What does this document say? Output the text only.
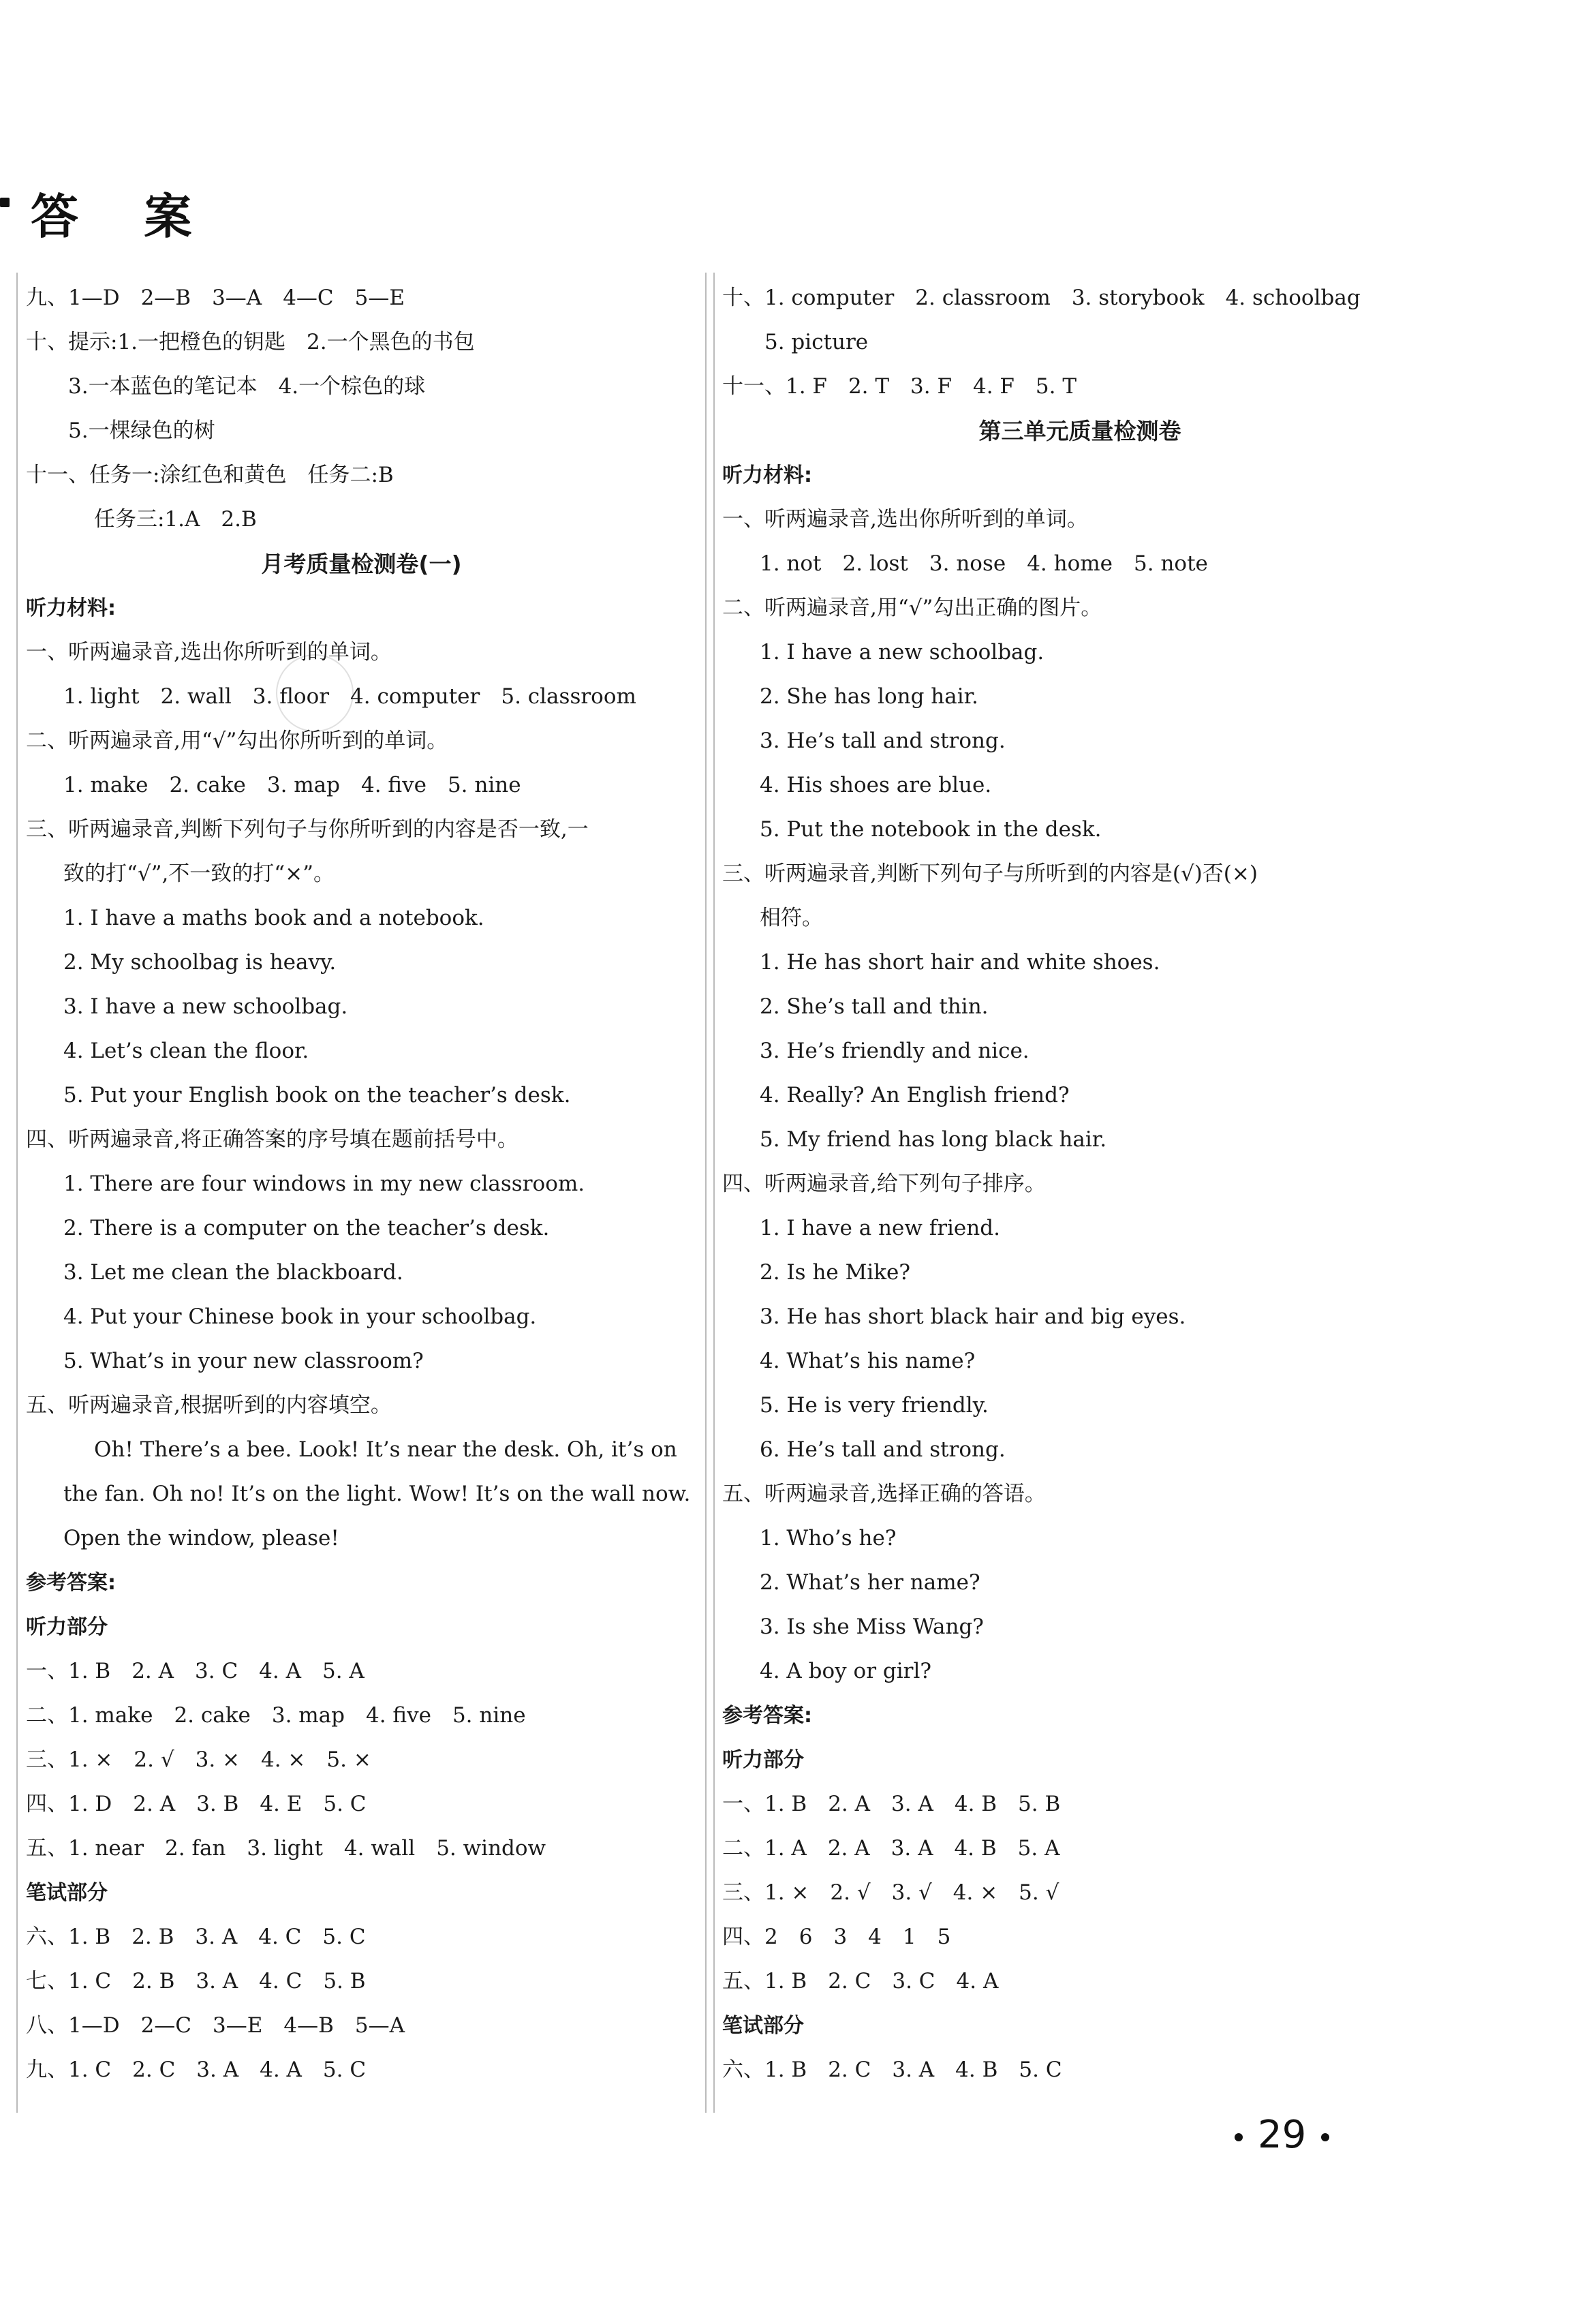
答 案
九、1—D　2—B　3—A　4—C　5—E
十、提示:1.一把橙色的钥匙　2.一个黑色的书包
3.一本蓝色的笔记本　4.一个棕色的球
5.一棵绿色的树
十一、任务一:涂红色和黄色　任务二:B
任务三:1.A　2.B
月考质量检测卷(一)
听力材料:
一、听两遍录音,选出你所听到的单词。
1. light　2. wall　3. floor　4. computer　5. classroom
二、听两遍录音,用“√”勾出你所听到的单词。
1. make　2. cake　3. map　4. five　5. nine
三、听两遍录音,判断下列句子与你所听到的内容是否一致,一
致的打“√”,不一致的打“×”。
1. I have a maths book and a notebook.
2. My schoolbag is heavy.
3. I have a new schoolbag.
4. Let’s clean the floor.
5. Put your English book on the teacher’s desk.
四、听两遍录音,将正确答案的序号填在题前括号中。
1. There are four windows in my new classroom.
2. There is a computer on the teacher’s desk.
3. Let me clean the blackboard.
4. Put your Chinese book in your schoolbag.
5. What’s in your new classroom?
五、听两遍录音,根据听到的内容填空。
Oh! There’s a bee. Look! It’s near the desk. Oh, it’s on
the fan. Oh no! It’s on the light. Wow! It’s on the wall now.
Open the window, please!
参考答案:
听力部分
一、1. B　2. A　3. C　4. A　5. A
二、1. make　2. cake　3. map　4. five　5. nine
三、1. ×　2. √　3. ×　4. ×　5. ×
四、1. D　2. A　3. B　4. E　5. C
五、1. near　2. fan　3. light　4. wall　5. window
笔试部分
六、1. B　2. B　3. A　4. C　5. C
七、1. C　2. B　3. A　4. C　5. B
八、1—D　2—C　3—E　4—B　5—A
九、1. C　2. C　3. A　4. A　5. C
十、1. computer　2. classroom　3. storybook　4. schoolbag
5. picture
十一、1. F　2. T　3. F　4. F　5. T
第三单元质量检测卷
听力材料:
一、听两遍录音,选出你所听到的单词。
1. not　2. lost　3. nose　4. home　5. note
二、听两遍录音,用“√”勾出正确的图片。
1. I have a new schoolbag.
2. She has long hair.
3. He’s tall and strong.
4. His shoes are blue.
5. Put the notebook in the desk.
三、听两遍录音,判断下列句子与所听到的内容是(√)否(×)
相符。
1. He has short hair and white shoes.
2. She’s tall and thin.
3. He’s friendly and nice.
4. Really? An English friend?
5. My friend has long black hair.
四、听两遍录音,给下列句子排序。
1. I have a new friend.
2. Is he Mike?
3. He has short black hair and big eyes.
4. What’s his name?
5. He is very friendly.
6. He’s tall and strong.
五、听两遍录音,选择正确的答语。
1. Who’s he?
2. What’s her name?
3. Is she Miss Wang?
4. A boy or girl?
参考答案:
听力部分
一、1. B　2. A　3. A　4. B　5. B
二、1. A　2. A　3. A　4. B　5. A
三、1. ×　2. √　3. √　4. ×　5. √
四、2　6　3　4　1　5
五、1. B　2. C　3. C　4. A
笔试部分
六、1. B　2. C　3. A　4. B　5. C
29
